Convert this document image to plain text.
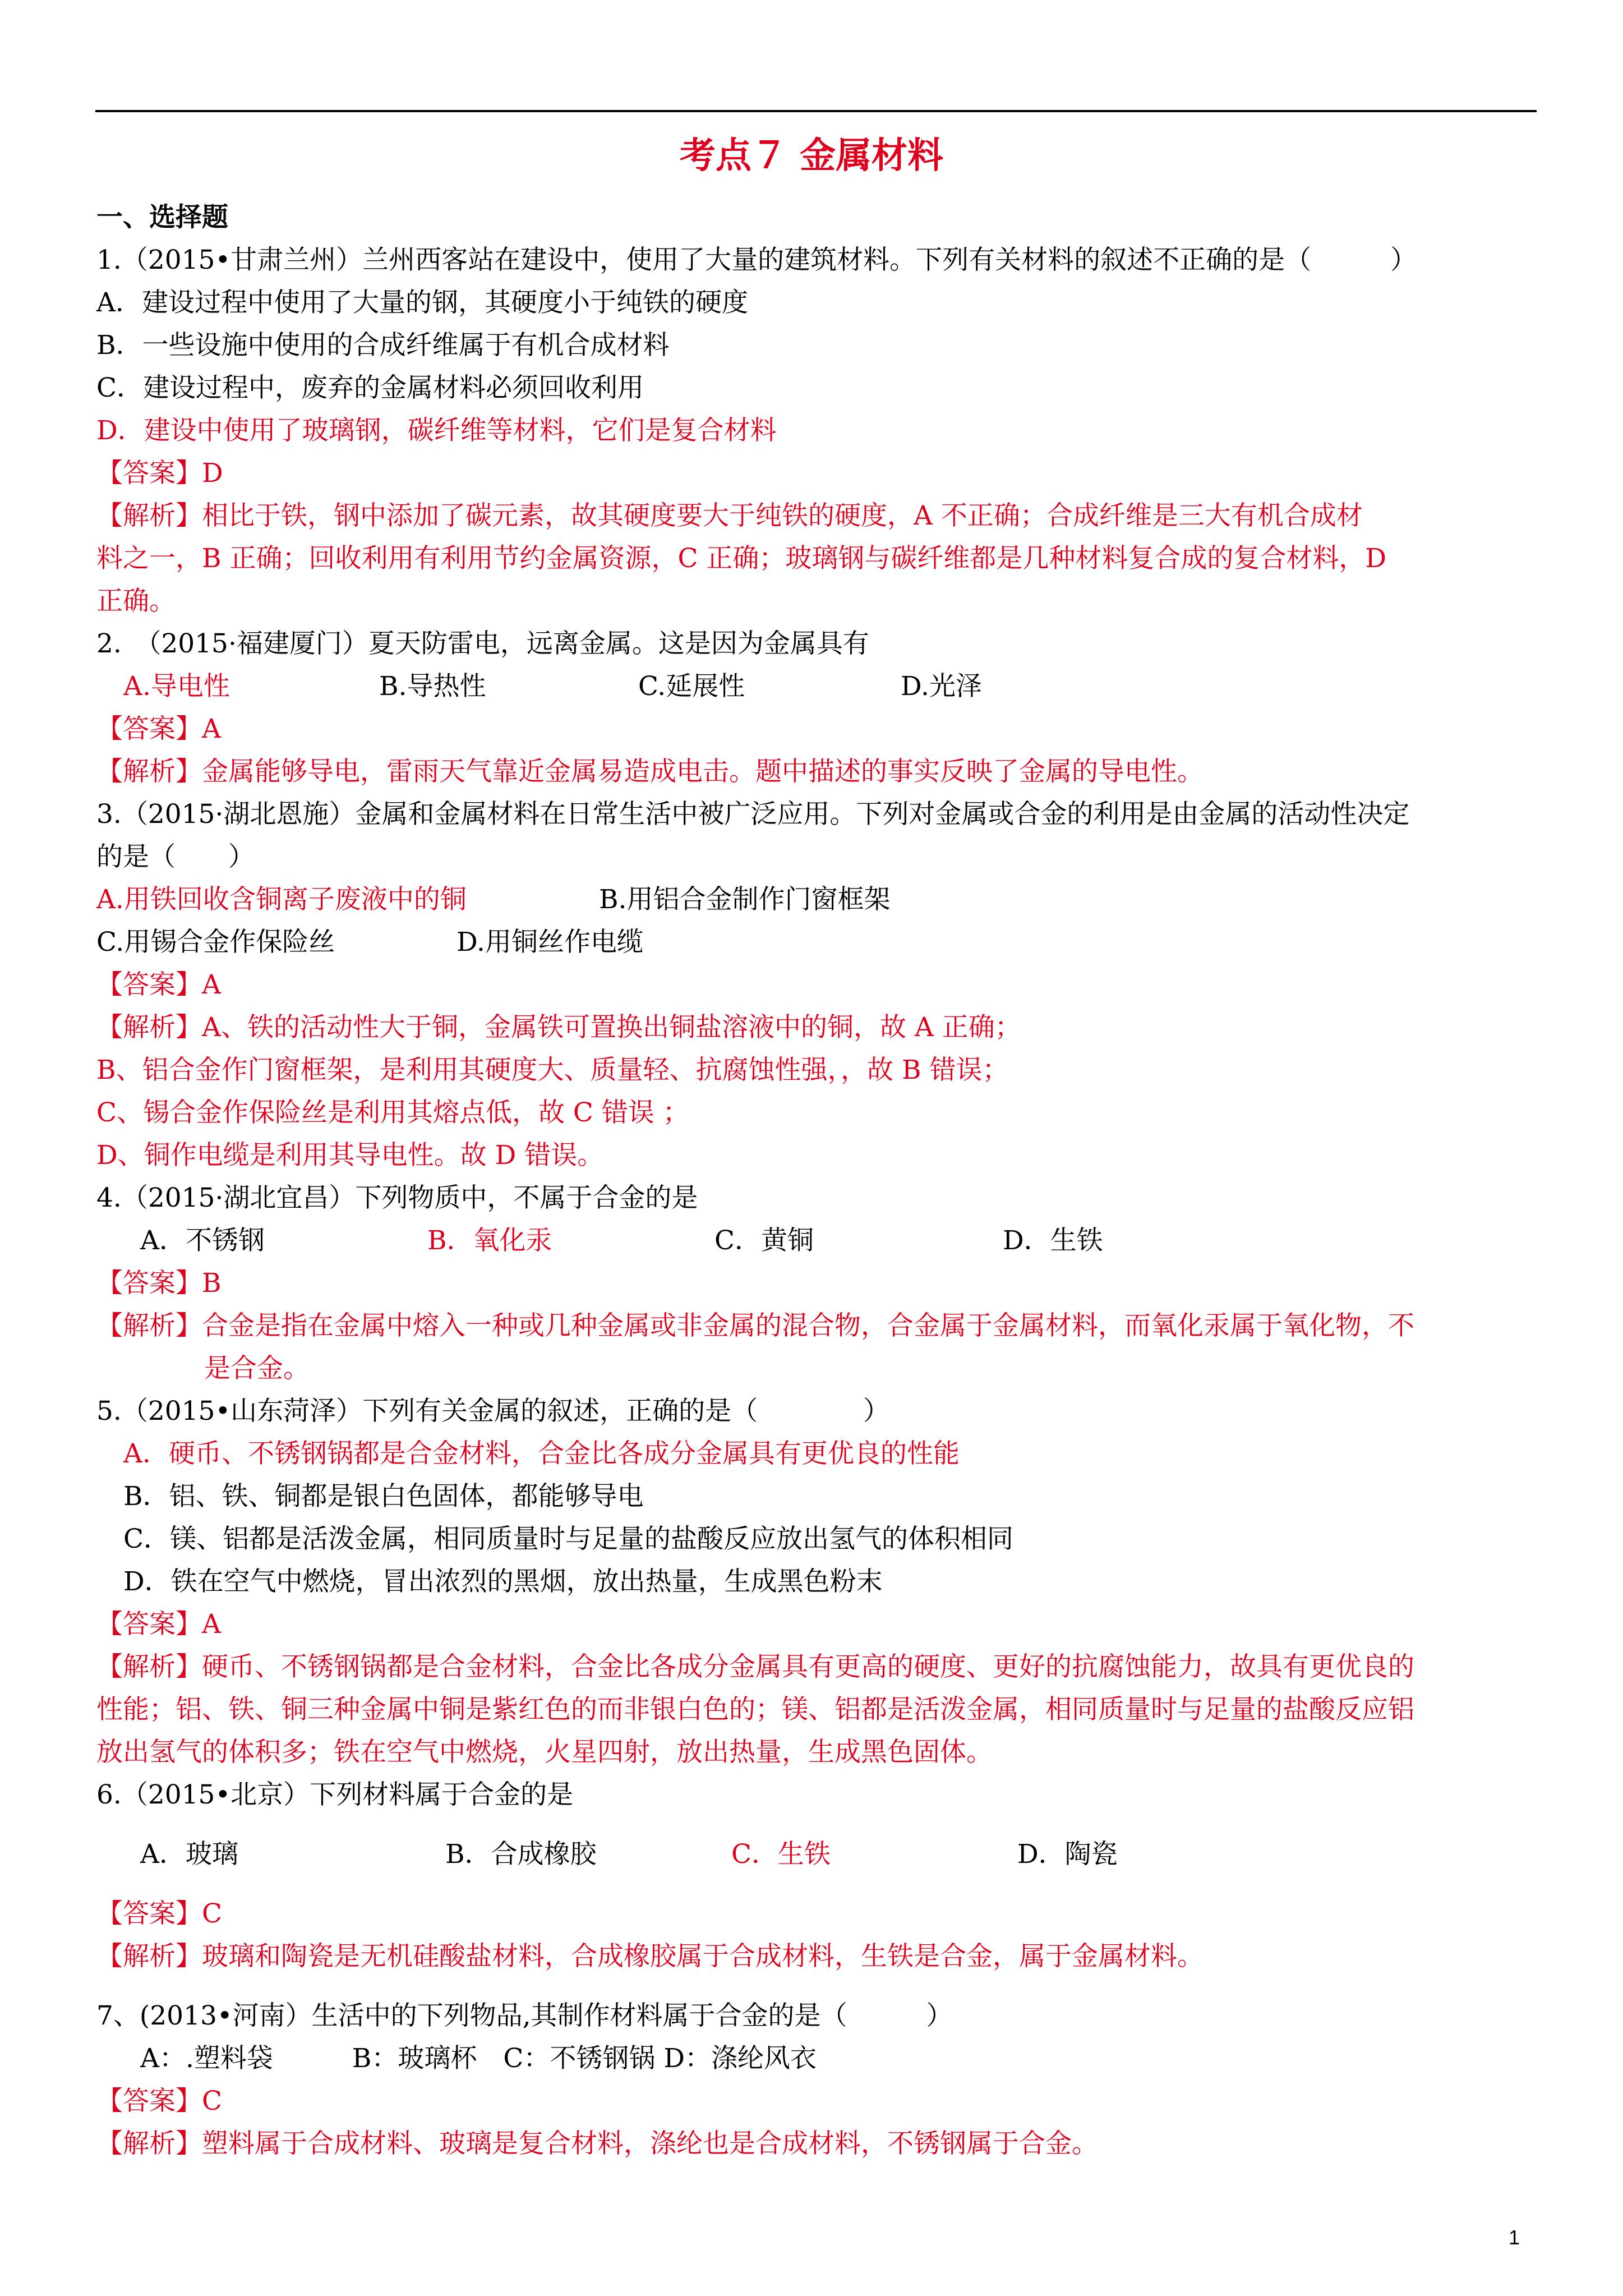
考点７ 金属材料
一、选择题
1.（2015•甘肃兰州）兰州西客站在建设中，使用了大量的建筑材料。下列有关材料的叙述不正确的是（　　　）
A．建设过程中使用了大量的钢，其硬度小于纯铁的硬度
B．一些设施中使用的合成纤维属于有机合成材料
C．建设过程中，废弃的金属材料必须回收利用
D．建设中使用了玻璃钢，碳纤维等材料，它们是复合材料
【答案】D
【解析】相比于铁，钢中添加了碳元素，故其硬度要大于纯铁的硬度，A 不正确；合成纤维是三大有机合成材
料之一，B 正确；回收利用有利用节约金属资源，C 正确；玻璃钢与碳纤维都是几种材料复合成的复合材料，D
正确。
2.　（2015·福建厦门）夏天防雷电，远离金属。这是因为金属具有
A.导电性	B.导热性	C.延展性	D.光泽
【答案】A
【解析】金属能够导电，雷雨天气靠近金属易造成电击。题中描述的事实反映了金属的导电性。
3.（2015·湖北恩施）金属和金属材料在日常生活中被广泛应用。下列对金属或合金的利用是由金属的活动性决定
的是（　　）
A.用铁回收含铜离子废液中的铜	B.用铝合金制作门窗框架
C.用锡合金作保险丝	D.用铜丝作电缆
【答案】A
【解析】A、铁的活动性大于铜，金属铁可置换出铜盐溶液中的铜，故 A 正确；
B、铝合金作门窗框架，是利用其硬度大、质量轻、抗腐蚀性强，，故 B 错误；
C、锡合金作保险丝是利用其熔点低，故 C 错误 ；
D、铜作电缆是利用其导电性。故 D 错误。
4.（2015·湖北宜昌）下列物质中，不属于合金的是
A．不锈钢	B．氧化汞	C．黄铜	D．生铁
【答案】B
【解析】合金是指在金属中熔入一种或几种金属或非金属的混合物，合金属于金属材料，而氧化汞属于氧化物，不
是合金。
5.（2015•山东菏泽）下列有关金属的叙述，正确的是（　　　　）
A．硬币、不锈钢锅都是合金材料，合金比各成分金属具有更优良的性能
B．铝、铁、铜都是银白色固体，都能够导电
C．镁、铝都是活泼金属，相同质量时与足量的盐酸反应放出氢气的体积相同
D．铁在空气中燃烧，冒出浓烈的黑烟，放出热量，生成黑色粉末
【答案】A
【解析】硬币、不锈钢锅都是合金材料，合金比各成分金属具有更高的硬度、更好的抗腐蚀能力，故具有更优良的
性能；铝、铁、铜三种金属中铜是紫红色的而非银白色的；镁、铝都是活泼金属，相同质量时与足量的盐酸反应铝
放出氢气的体积多；铁在空气中燃烧，火星四射，放出热量，生成黑色固体。
6.（2015•北京）下列材料属于合金的是
A．玻璃	B．合成橡胶	C．生铁	D．陶瓷
【答案】C
【解析】玻璃和陶瓷是无机硅酸盐材料，合成橡胶属于合成材料，生铁是合金，属于金属材料。
7、(2013•河南）生活中的下列物品,其制作材料属于合金的是（　　　）
A：.塑料袋　　　B：玻璃杯　C：不锈钢锅 D：涤纶风衣
【答案】C
【解析】塑料属于合成材料、玻璃是复合材料，涤纶也是合成材料，不锈钢属于合金。
1
